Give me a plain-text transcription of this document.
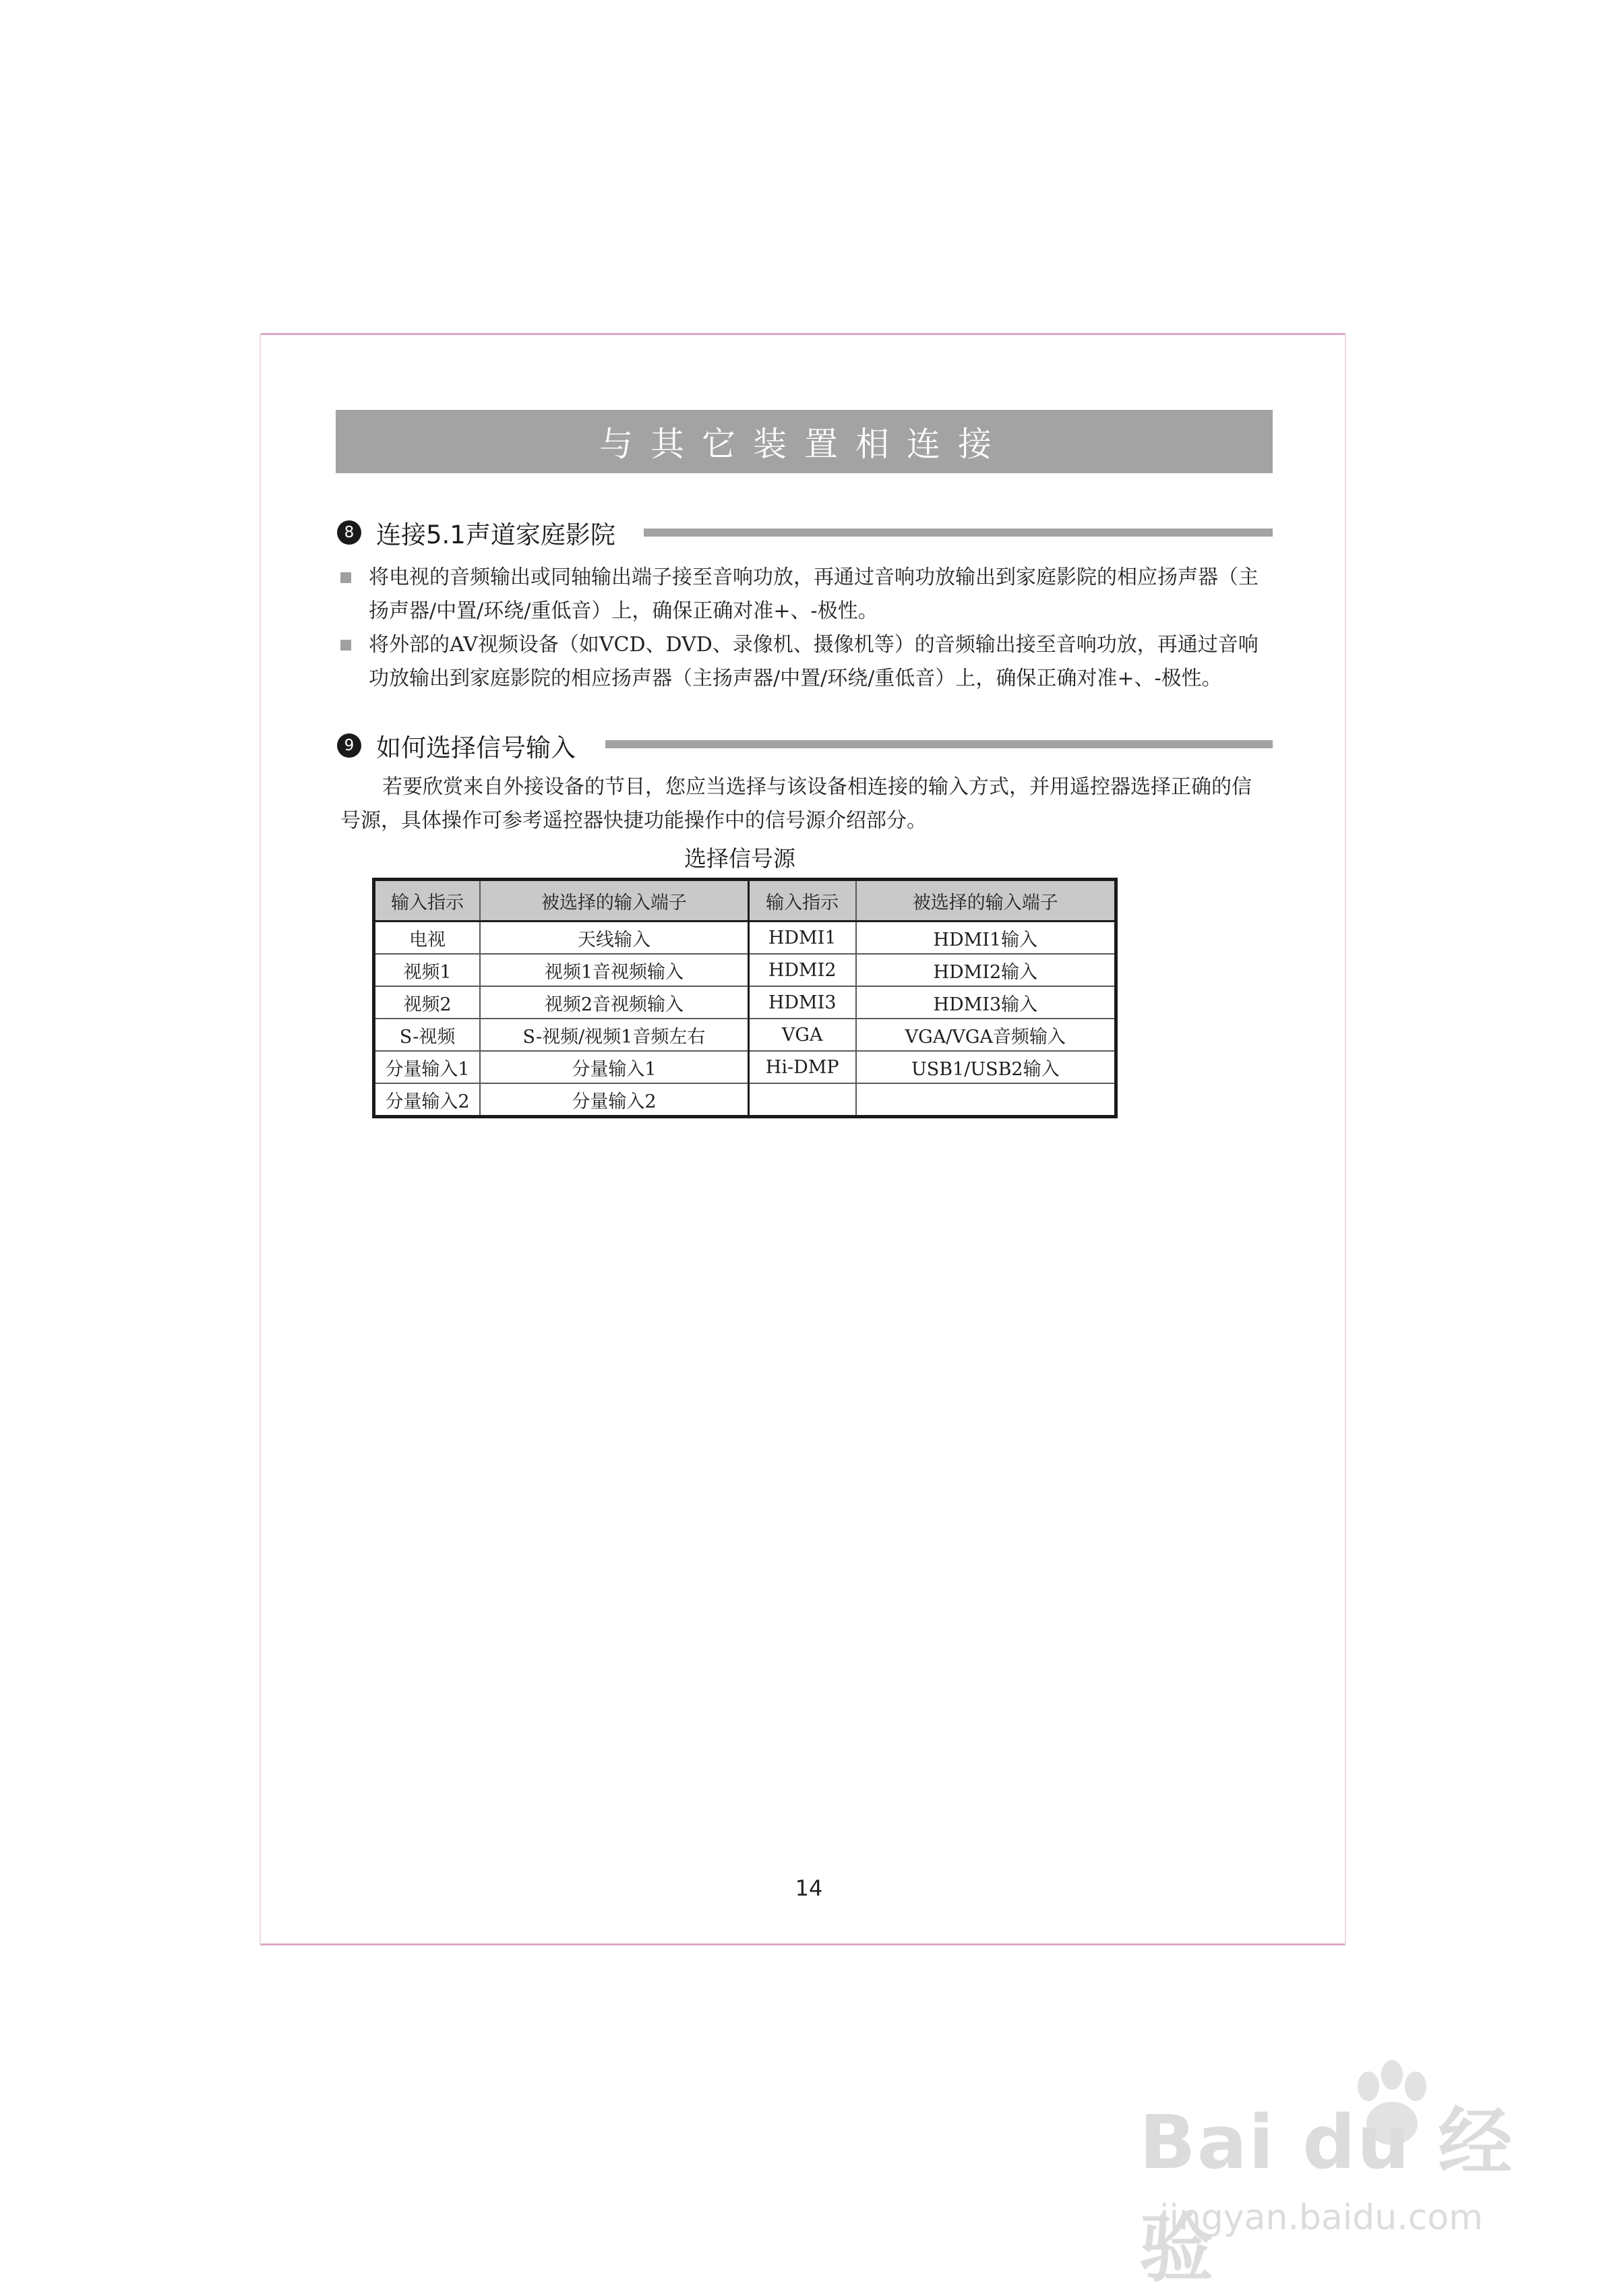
与其它装置相连接
8 连接5.1声道家庭影院
将电视的音频输出或同轴输出端子接至音响功放，再通过音响功放输出到家庭影院的相应扬声器（主扬声器/中置/环绕/重低音）上，确保正确对准+、-极性。
将外部的AV视频设备（如VCD、DVD、录像机、摄像机等）的音频输出接至音响功放，再通过音响功放输出到家庭影院的相应扬声器（主扬声器/中置/环绕/重低音）上，确保正确对准+、-极性。
9 如何选择信号输入
若要欣赏来自外接设备的节目，您应当选择与该设备相连接的输入方式，并用遥控器选择正确的信号源，具体操作可参考遥控器快捷功能操作中的信号源介绍部分。
选择信号源
输入指示	被选择的输入端子	输入指示	被选择的输入端子
电视	天线输入	HDMI1	HDMI1输入
视频1	视频1音视频输入	HDMI2	HDMI2输入
视频2	视频2音视频输入	HDMI3	HDMI3输入
S-视频	S-视频/视频1音频左右	VGA	VGA/VGA音频输入
分量输入1	分量输入1	Hi-DMP	USB1/USB2输入
分量输入2	分量输入2		
14
Bai du 经验
jingyan.baidu.com
